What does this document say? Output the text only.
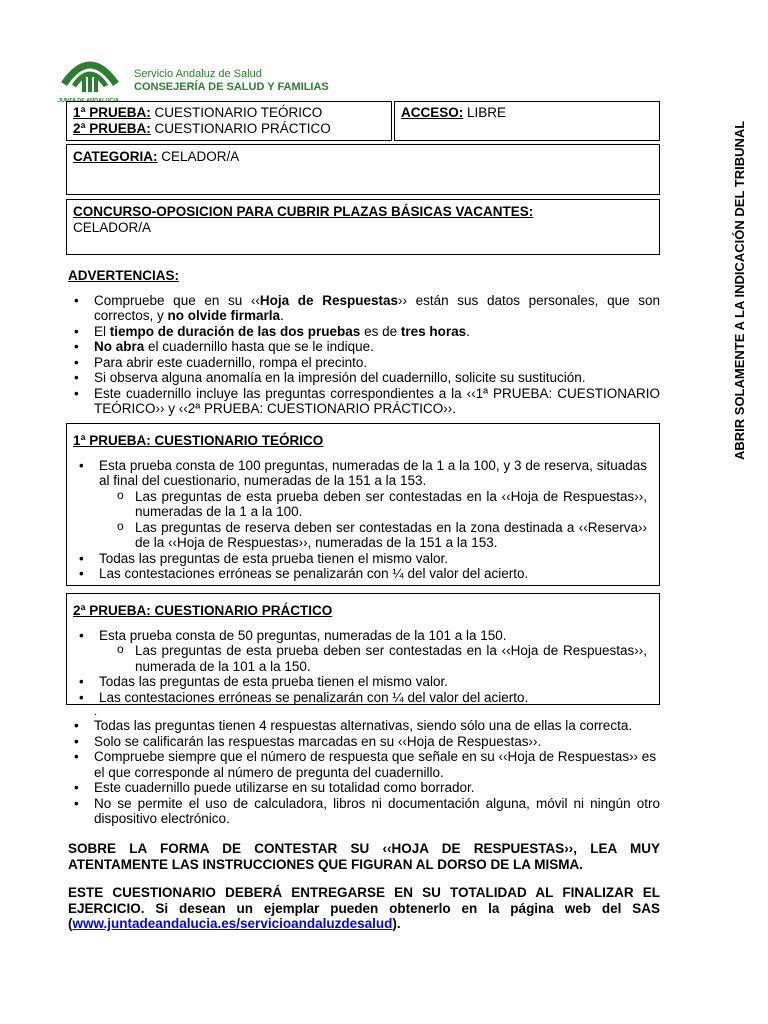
JUNTA DE ANDALUCIA
Servicio Andaluz de Salud
CONSEJERÍA DE SALUD Y FAMILIAS
ABRIR SOLAMENTE A LA INDICACIÓN DEL TRIBUNAL
1ª PRUEBA: CUESTIONARIO TEÓRICO
2ª PRUEBA: CUESTIONARIO PRÁCTICO
ACCESO: LIBRE
CATEGORIA: CELADOR/A
CONCURSO-OPOSICION PARA CUBRIR PLAZAS BÁSICAS VACANTES:
CELADOR/A
ADVERTENCIAS:
• Compruebe que en su ‹‹Hoja de Respuestas›› están sus datos personales, que son correctos, y no olvide firmarla.
• El tiempo de duración de las dos pruebas es de tres horas.
• No abra el cuadernillo hasta que se le indique.
• Para abrir este cuadernillo, rompa el precinto.
• Si observa alguna anomalía en la impresión del cuadernillo, solicite su sustitución.
• Este cuadernillo incluye las preguntas correspondientes a la ‹‹1ª PRUEBA: CUESTIONARIO TEÓRICO›› y ‹‹2ª PRUEBA: CUESTIONARIO PRÁCTICO››.
1ª PRUEBA: CUESTIONARIO TEÓRICO
• Esta prueba consta de 100 preguntas, numeradas de la 1 a la 100, y 3 de reserva, situadas al final del cuestionario, numeradas de la 151 a la 153.
o Las preguntas de esta prueba deben ser contestadas en la ‹‹Hoja de Respuestas››, numeradas de la 1 a la 100.
o Las preguntas de reserva deben ser contestadas en la zona destinada a ‹‹Reserva›› de la ‹‹Hoja de Respuestas››, numeradas de la 151 a la 153.
• Todas las preguntas de esta prueba tienen el mismo valor.
• Las contestaciones erróneas se penalizarán con ¼ del valor del acierto.
2ª PRUEBA: CUESTIONARIO PRÁCTICO
• Esta prueba consta de 50 preguntas, numeradas de la 101 a la 150.
o Las preguntas de esta prueba deben ser contestadas en la ‹‹Hoja de Respuestas››, numerada de la 101 a la 150.
• Todas las preguntas de esta prueba tienen el mismo valor.
• Las contestaciones erróneas se penalizarán con ¼ del valor del acierto.
.
• Todas las preguntas tienen 4 respuestas alternativas, siendo sólo una de ellas la correcta.
• Solo se calificarán las respuestas marcadas en su ‹‹Hoja de Respuestas››.
• Compruebe siempre que el número de respuesta que señale en su ‹‹Hoja de Respuestas›› es el que corresponde al número de pregunta del cuadernillo.
• Este cuadernillo puede utilizarse en su totalidad como borrador.
• No se permite el uso de calculadora, libros ni documentación alguna, móvil ni ningún otro dispositivo electrónico.
SOBRE LA FORMA DE CONTESTAR SU ‹‹HOJA DE RESPUESTAS››, LEA MUY ATENTAMENTE LAS INSTRUCCIONES QUE FIGURAN AL DORSO DE LA MISMA.
ESTE CUESTIONARIO DEBERÁ ENTREGARSE EN SU TOTALIDAD AL FINALIZAR EL EJERCICIO. Si desean un ejemplar pueden obtenerlo en la página web del SAS (www.juntadeandalucia.es/servicioandaluzdesalud).
